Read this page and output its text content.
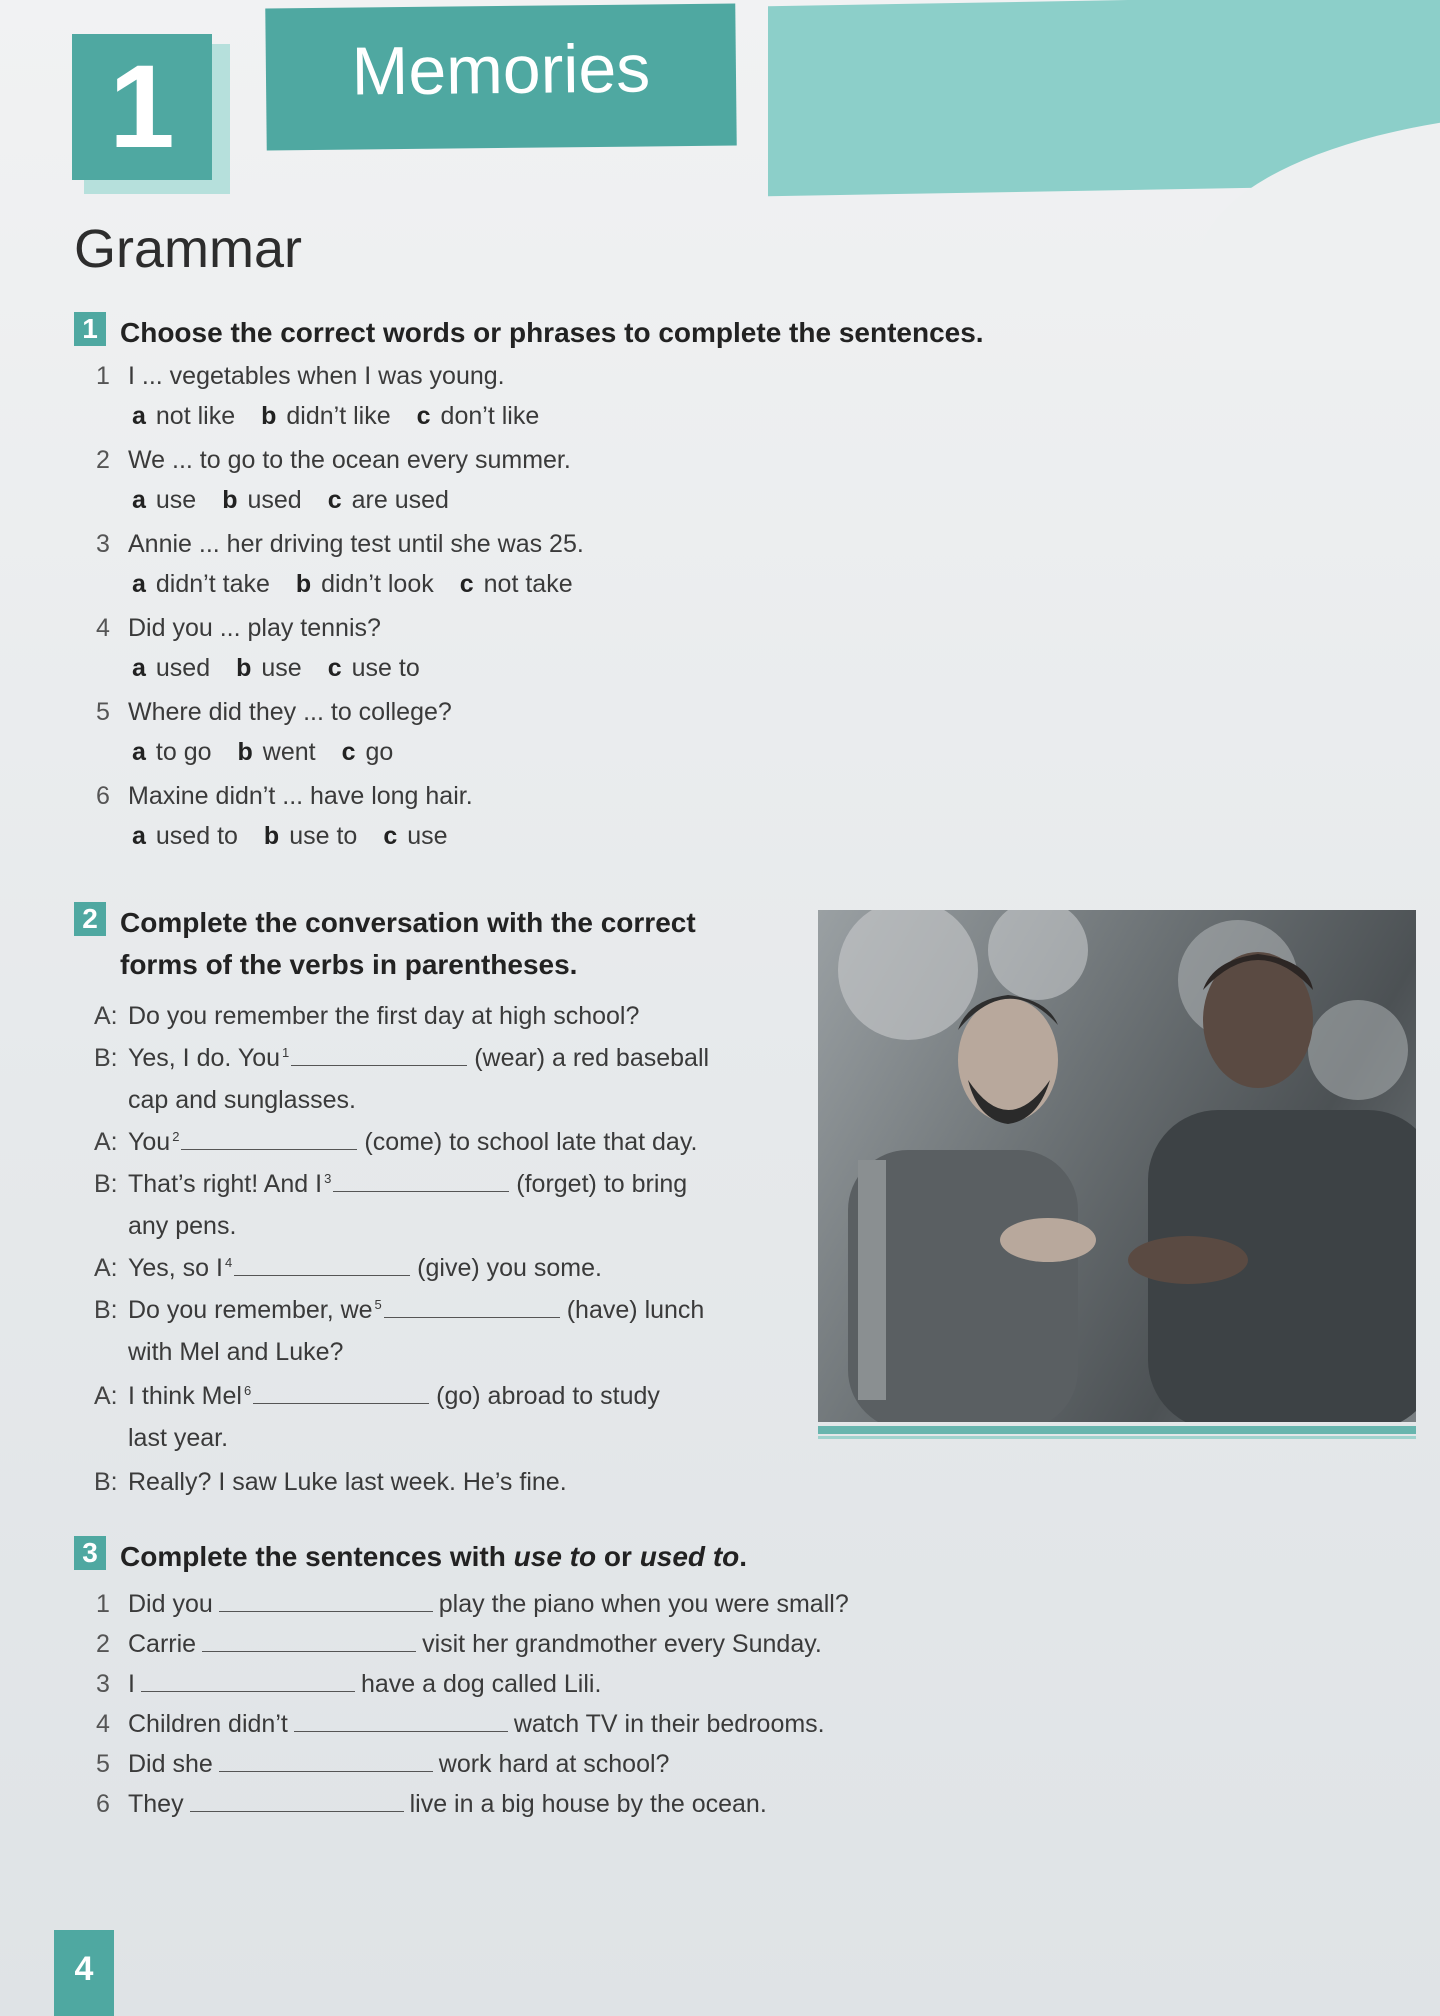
1	Memories
Grammar
1 Choose the correct words or phrases to complete the sentences.
1 I ... vegetables when I was young.
a not like b didn’t like c don’t like
2 We ... to go to the ocean every summer.
a use b used c are used
3 Annie ... her driving test until she was 25.
a didn’t take b didn’t look c not take
4 Did you ... play tennis?
a used b use c use to
5 Where did they ... to college?
a to go b went c go
6 Maxine didn’t ... have long hair.
a used to b use to c use
2 Complete the conversation with the correct
forms of the verbs in parentheses.
A: Do you remember the first day at high school?
B: Yes, I do. You $^1$	(wear) a red baseball
cap and sunglasses.
A: You $^2$	(come) to school late that day.
B: That’s right! And I $^3$	(forget) to bring
any pens.
A: Yes, so I $^4$	(give) you some.
B: Do you remember, we $^5$	(have) lunch
with Mel and Luke?
A: I think Mel $^6$	(go) abroad to study
last year.
B: Really? I saw Luke last week. He’s fine.
3 Complete the sentences with use to or used to.
1 Did you	play the piano when you were small?
2 Carrie	visit her grandmother every Sunday.
3 I	have a dog called Lili.
4 Children didn’t	watch TV in their bedrooms.
5 Did she	work hard at school?
6 They	live in a big house by the ocean.
4
